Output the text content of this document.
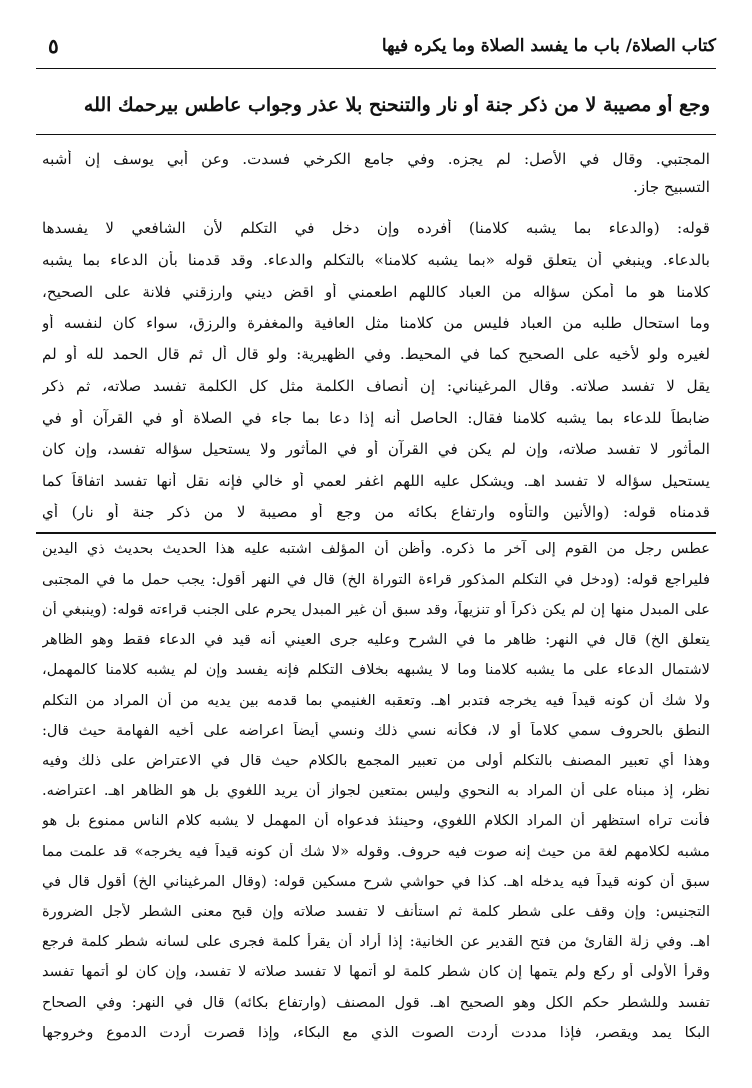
كتاب الصلاة/ باب ما يفسد الصلاة وما يكره فيها
٥
وجع أو مصيبة لا من ذكر جنة أو نار والتنحنح بلا عذر وجواب عاطس بيرحمك الله
المجتبي. وقال في الأصل: لم يجزه. وفي جامع الكرخي فسدت. وعن أبي يوسف إن أشبه
التسبيح جاز.
قوله: (والدعاء بما يشبه كلامنا) أفرده وإن دخل في التكلم لأن الشافعي لا يفسدها
بالدعاء. وينبغي أن يتعلق قوله «بما يشبه كلامنا» بالتكلم والدعاء. وقد قدمنا بأن الدعاء بما يشبه
كلامنا هو ما أمكن سؤاله من العباد كاللهم اطعمني أو اقض ديني وارزقني فلانة على الصحيح،
وما استحال طلبه من العباد فليس من كلامنا مثل العافية والمغفرة والرزق، سواء كان لنفسه أو
لغيره ولو لأخيه على الصحيح كما في المحيط. وفي الظهيرية: ولو قال أل ثم قال الحمد لله أو لم
يقل لا تفسد صلاته. وقال المرغيناني: إن أنصاف الكلمة مثل كل الكلمة تفسد صلاته، ثم ذكر
ضابطاً للدعاء بما يشبه كلامنا فقال: الحاصل أنه إذا دعا بما جاء في الصلاة أو في القرآن أو في
المأثور لا تفسد صلاته، وإن لم يكن في القرآن أو في المأثور ولا يستحيل سؤاله تفسد، وإن كان
يستحيل سؤاله لا تفسد اهـ. ويشكل عليه اللهم اغفر لعمي أو خالي فإنه نقل أنها تفسد اتفاقاً كما
قدمناه قوله: (والأنين والتأوه وارتفاع بكائه من وجع أو مصيبة لا من ذكر جنة أو نار) أي
عطس رجل من القوم إلى آخر ما ذكره. وأظن أن المؤلف اشتبه عليه هذا الحديث بحديث ذي اليدين
فليراجع قوله: (ودخل في التكلم المذكور قراءة التوراة الخ) قال في النهر أقول: يجب حمل ما في المجتبى
على المبدل منها إن لم يكن ذكراً أو تنزيهاً، وقد سبق أن غير المبدل يحرم على الجنب قراءته قوله: (وينبغي أن
يتعلق الخ) قال في النهر: ظاهر ما في الشرح وعليه جرى العيني أنه قيد في الدعاء فقط وهو الظاهر
لاشتمال الدعاء على ما يشبه كلامنا وما لا يشبهه بخلاف التكلم فإنه يفسد وإن لم يشبه كلامنا كالمهمل،
ولا شك أن كونه قيداً فيه يخرجه فتدبر اهـ. وتعقبه الغنيمي بما قدمه بين يديه من أن المراد من التكلم
النطق بالحروف سمي كلاماً أو لا، فكأنه نسي ذلك ونسي أيضاً اعراضه على أخيه الفهامة حيث قال:
وهذا أي تعبير المصنف بالتكلم أولى من تعبير المجمع بالكلام حيث قال في الاعتراض على ذلك وفيه
نظر، إذ مبناه على أن المراد به النحوي وليس بمتعين لجواز أن يريد اللغوي بل هو الظاهر اهـ. اعتراضه.
فأنت تراه استظهر أن المراد الكلام اللغوي، وحينئذ فدعواه أن المهمل لا يشبه كلام الناس ممنوع بل هو
مشبه لكلامهم لغة من حيث إنه صوت فيه حروف. وقوله «لا شك أن كونه قيداً فيه يخرجه» قد علمت مما
سبق أن كونه قيداً فيه يدخله اهـ. كذا في حواشي شرح مسكين قوله: (وقال المرغيناني الخ) أقول قال في
التجنيس: وإن وقف على شطر كلمة ثم استأنف لا تفسد صلاته وإن قبح معنى الشطر لأجل الضرورة
اهـ. وفي زلة القارئ من فتح القدير عن الخانية: إذا أراد أن يقرأ كلمة فجرى على لسانه شطر كلمة فرجع
وقرأ الأولى أو ركع ولم يتمها إن كان شطر كلمة لو أتمها لا تفسد صلاته لا تفسد، وإن كان لو أتمها تفسد
تفسد وللشطر حكم الكل وهو الصحيح اهـ. قول المصنف (وارتفاع بكائه) قال في النهر: وفي الصحاح
البكا يمد ويقصر، فإذا مددت أردت الصوت الذي مع البكاء، وإذا قصرت أردت الدموع وخروجها
